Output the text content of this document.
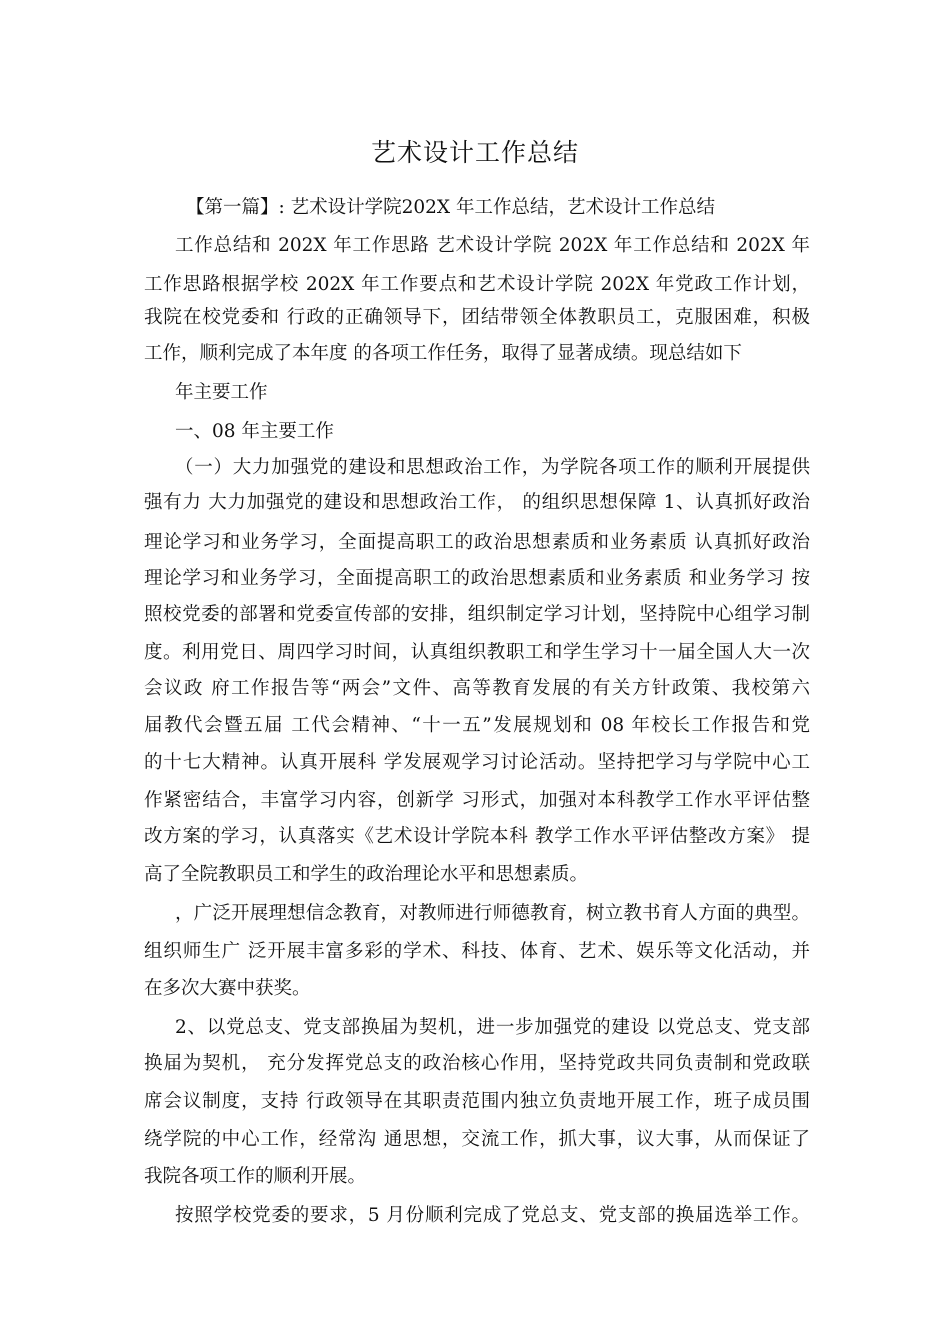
艺术设计工作总结
【第一篇】: 艺术设计学院202X 年工作总结，艺术设计工作总结
工作总结和 202X 年工作思路 艺术设计学院 202X 年工作总结和 202X 年
工作思路根据学校 202X 年工作要点和艺术设计学院 202X 年党政工作计划，
我院在校党委和 行政的正确领导下，团结带领全体教职员工，克服困难，积极
工作，顺利完成了本年度 的各项工作任务，取得了显著成绩。现总结如下
年主要工作
一、08 年主要工作
（一）大力加强党的建设和思想政治工作，为学院各项工作的顺利开展提供
强有力 大力加强党的建设和思想政治工作， 的组织思想保障 1、认真抓好政治
理论学习和业务学习，全面提高职工的政治思想素质和业务素质 认真抓好政治
理论学习和业务学习，全面提高职工的政治思想素质和业务素质 和业务学习 按
照校党委的部署和党委宣传部的安排，组织制定学习计划，坚持院中心组学习制
度。利用党日、周四学习时间，认真组织教职工和学生学习十一届全国人大一次
会议政 府工作报告等“两会”文件、高等教育发展的有关方针政策、我校第六
届教代会暨五届 工代会精神、“十一五”发展规划和 08 年校长工作报告和党
的十七大精神。认真开展科 学发展观学习讨论活动。坚持把学习与学院中心工
作紧密结合，丰富学习内容，创新学 习形式，加强对本科教学工作水平评估整
改方案的学习，认真落实《艺术设计学院本科 教学工作水平评估整改方案》 提
高了全院教职员工和学生的政治理论水平和思想素质。
，广泛开展理想信念教育，对教师进行师德教育，树立教书育人方面的典型。
组织师生广 泛开展丰富多彩的学术、科技、体育、艺术、娱乐等文化活动，并
在多次大赛中获奖。
2、以党总支、党支部换届为契机，进一步加强党的建设 以党总支、党支部
换届为契机， 充分发挥党总支的政治核心作用，坚持党政共同负责制和党政联
席会议制度，支持 行政领导在其职责范围内独立负责地开展工作，班子成员围
绕学院的中心工作，经常沟 通思想，交流工作，抓大事，议大事，从而保证了
我院各项工作的顺利开展。
按照学校党委的要求，5 月份顺利完成了党总支、党支部的换届选举工作。
